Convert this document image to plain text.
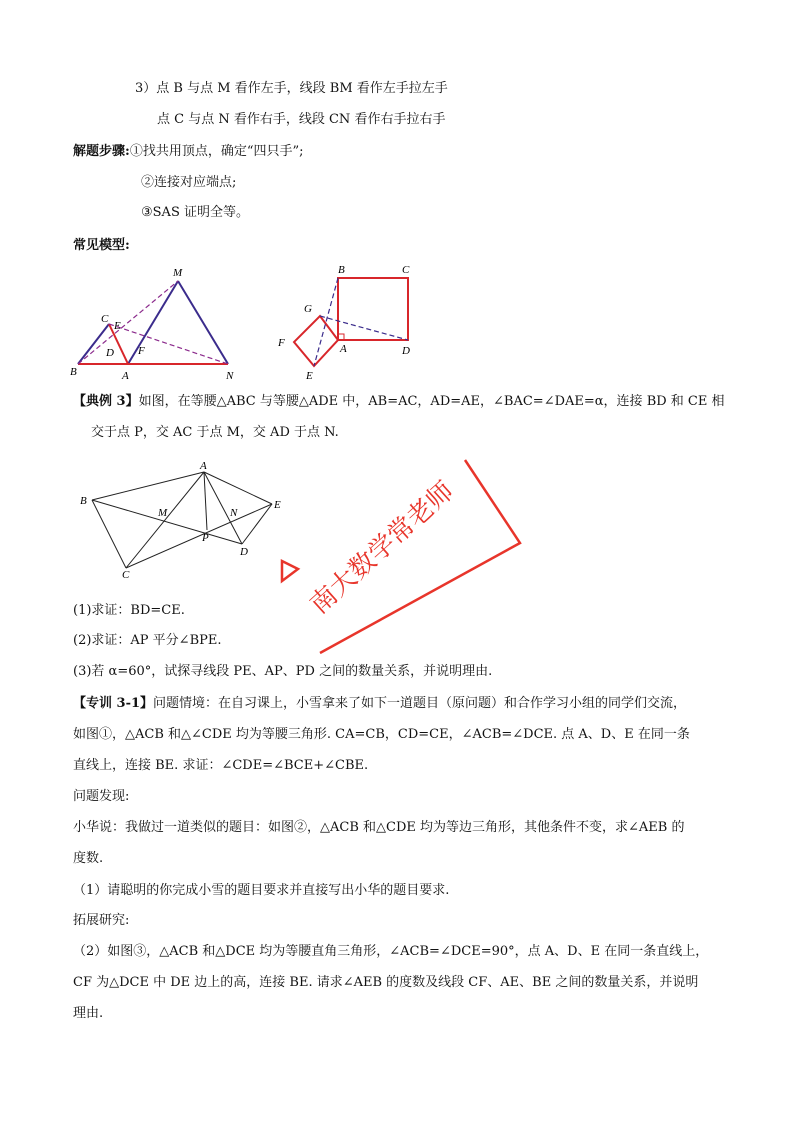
3）点 B 与点 M 看作左手，线段 BM 看作左手拉左手
点 C 与点 N 看作右手，线段 CN 看作右手拉右手
解题步骤:①找共用顶点，确定“四只手”;
②连接对应端点;
③SAS 证明全等。
常见模型:
M
C
E
D F
B	A	N
B	C
G
F	A	D
E
【典例 3】如图，在等腰△ABC 与等腰△ADE 中，AB=AC，AD=AE，∠BAC=∠DAE=α，连接 BD 和 CE 相
交于点 P，交 AC 于点 M，交 AD 于点 N.
A
B	E
M	N
P
D
C	南大数学常老师
(1)求证：BD=CE.
(2)求证：AP 平分∠BPE.
(3)若 α=60°，试探寻线段 PE、AP、PD 之间的数量关系，并说明理由.
【专训 3-1】问题情境：在自习课上，小雪拿来了如下一道题目（原问题）和合作学习小组的同学们交流，
如图①，△ACB 和△∠CDE 均为等腰三角形. CA=CB，CD=CE，∠ACB=∠DCE. 点 A、D、E 在同一条
直线上，连接 BE. 求证：∠CDE=∠BCE+∠CBE.
问题发现:
小华说：我做过一道类似的题目：如图②，△ACB 和△CDE 均为等边三角形，其他条件不变，求∠AEB 的
度数.
（1）请聪明的你完成小雪的题目要求并直接写出小华的题目要求.
拓展研究:
（2）如图③，△ACB 和△DCE 均为等腰直角三角形，∠ACB=∠DCE=90°，点 A、D、E 在同一条直线上，
CF 为△DCE 中 DE 边上的高，连接 BE. 请求∠AEB 的度数及线段 CF、AE、BE 之间的数量关系，并说明
理由.
